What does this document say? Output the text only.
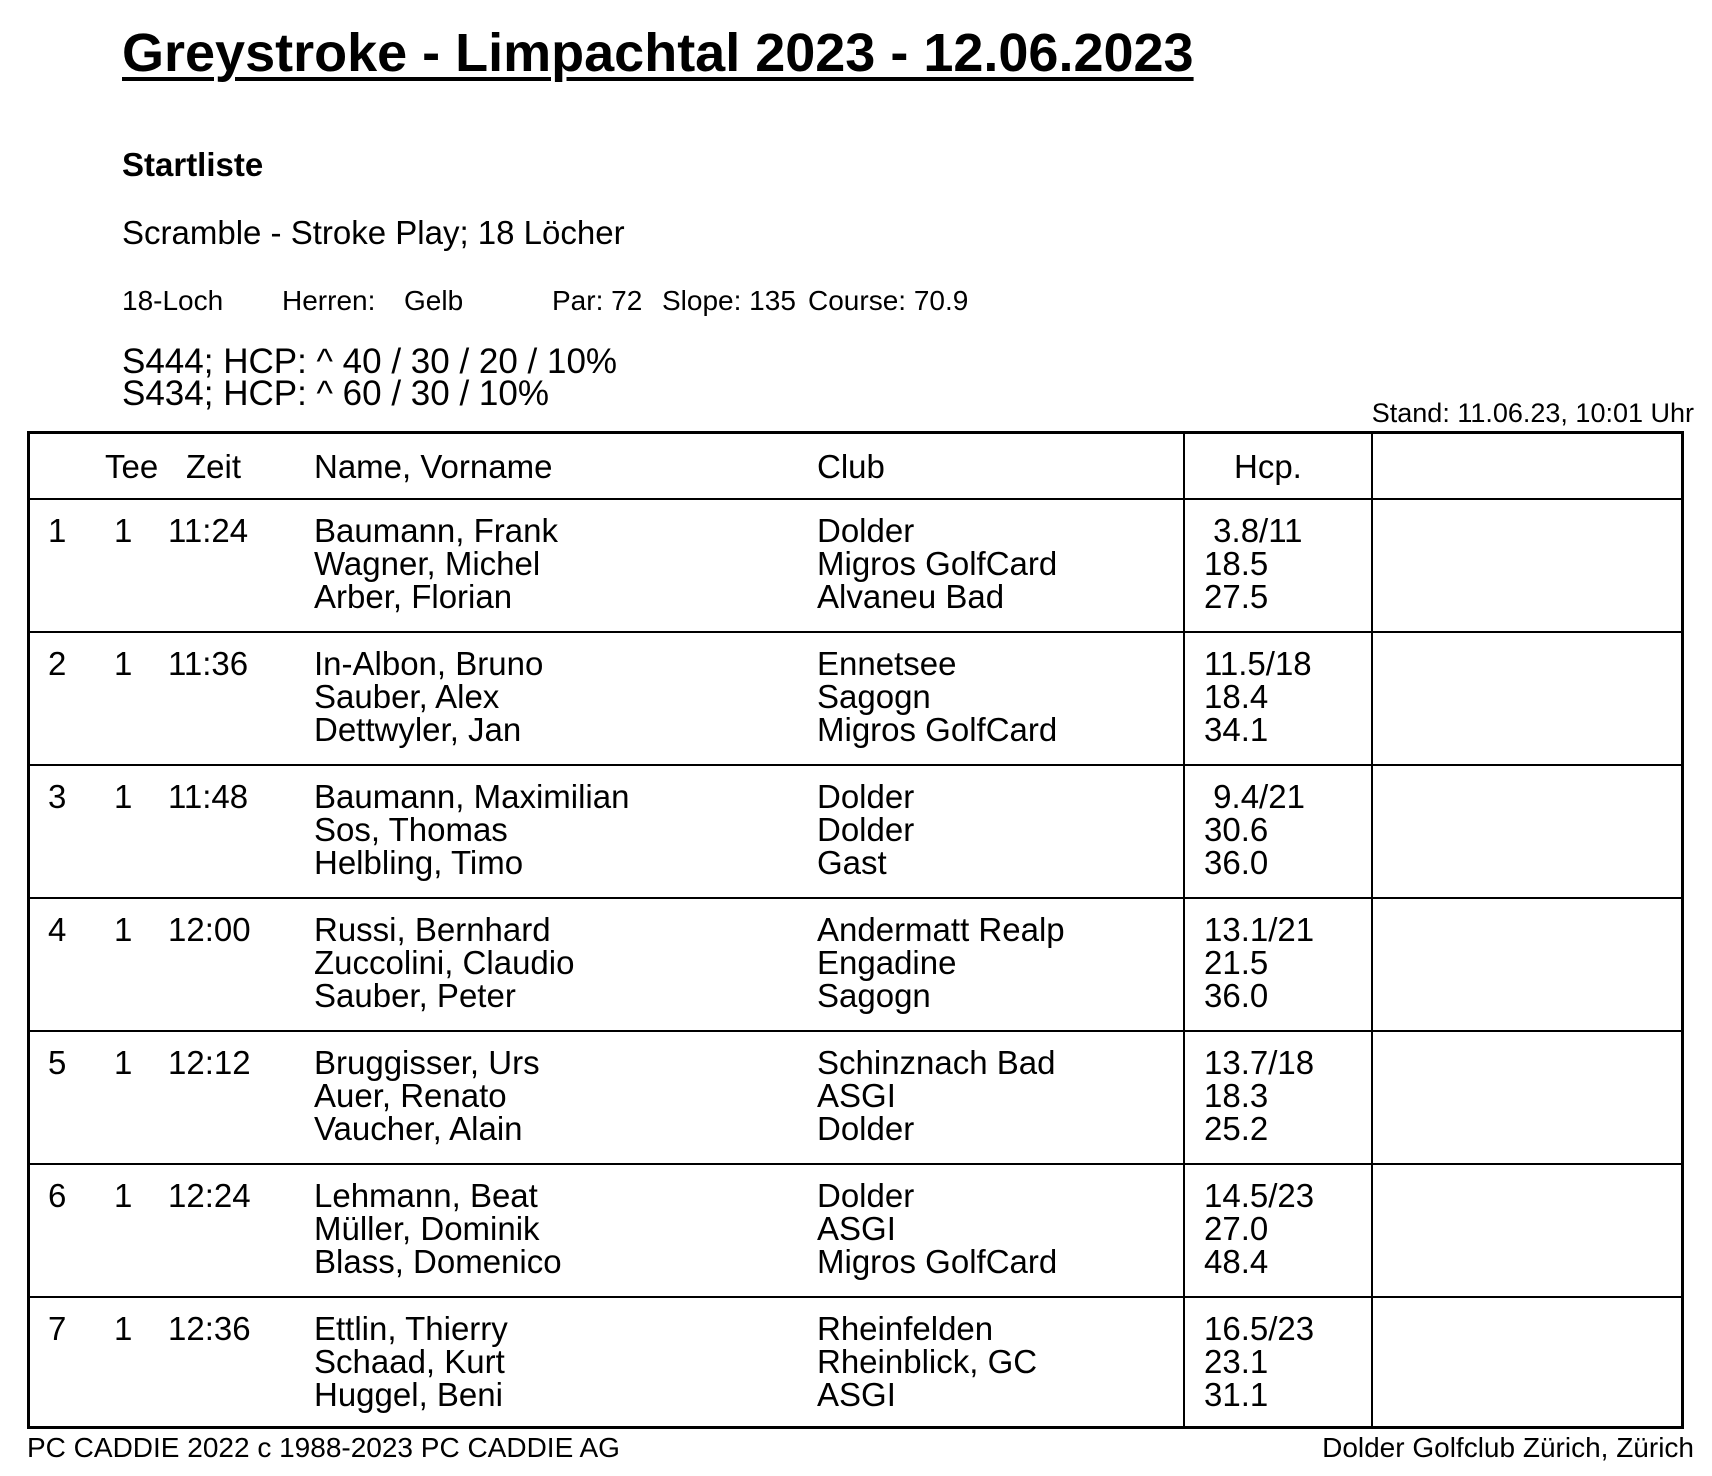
Greystroke - Limpachtal 2023 - 12.06.2023
Startliste
Scramble - Stroke Play; 18 Löcher
18-Loch Herren: Gelb	Par: 72 Slope: 135 Course: 70.9
S444; HCP: ^ 40 / 30 / 20 / 10%
S434; HCP: ^ 60 / 30 / 10%	Stand: 11.06.23, 10:01 Uhr
Tee Zeit Name, Vorname	Club	Hcp.
1 1 11:24 Baumann, Frank	Dolder	3.8/11
Wagner, Michel	Migros GolfCard	18.5
Arber, Florian	Alvaneu Bad	27.5
2 1 11:36 In-Albon, Bruno	Ennetsee	11.5/18
Sauber, Alex	Sagogn	18.4
Dettwyler, Jan	Migros GolfCard	34.1
3 1 11:48 Baumann, Maximilian	Dolder	9.4/21
Sos, Thomas	Dolder	30.6
Helbling, Timo	Gast	36.0
4 1 12:00 Russi, Bernhard	Andermatt Realp	13.1/21
Zuccolini, Claudio	Engadine	21.5
Sauber, Peter	Sagogn	36.0
5 1 12:12 Bruggisser, Urs	Schinznach Bad	13.7/18
Auer, Renato	ASGI	18.3
Vaucher, Alain	Dolder	25.2
6 1 12:24 Lehmann, Beat	Dolder	14.5/23
Müller, Dominik	ASGI	27.0
Blass, Domenico	Migros GolfCard	48.4
7 1 12:36 Ettlin, Thierry	Rheinfelden	16.5/23
Schaad, Kurt	Rheinblick, GC	23.1
Huggel, Beni	ASGI	31.1
PC CADDIE 2022 c 1988-2023 PC CADDIE AG	Dolder Golfclub Zürich, Zürich
